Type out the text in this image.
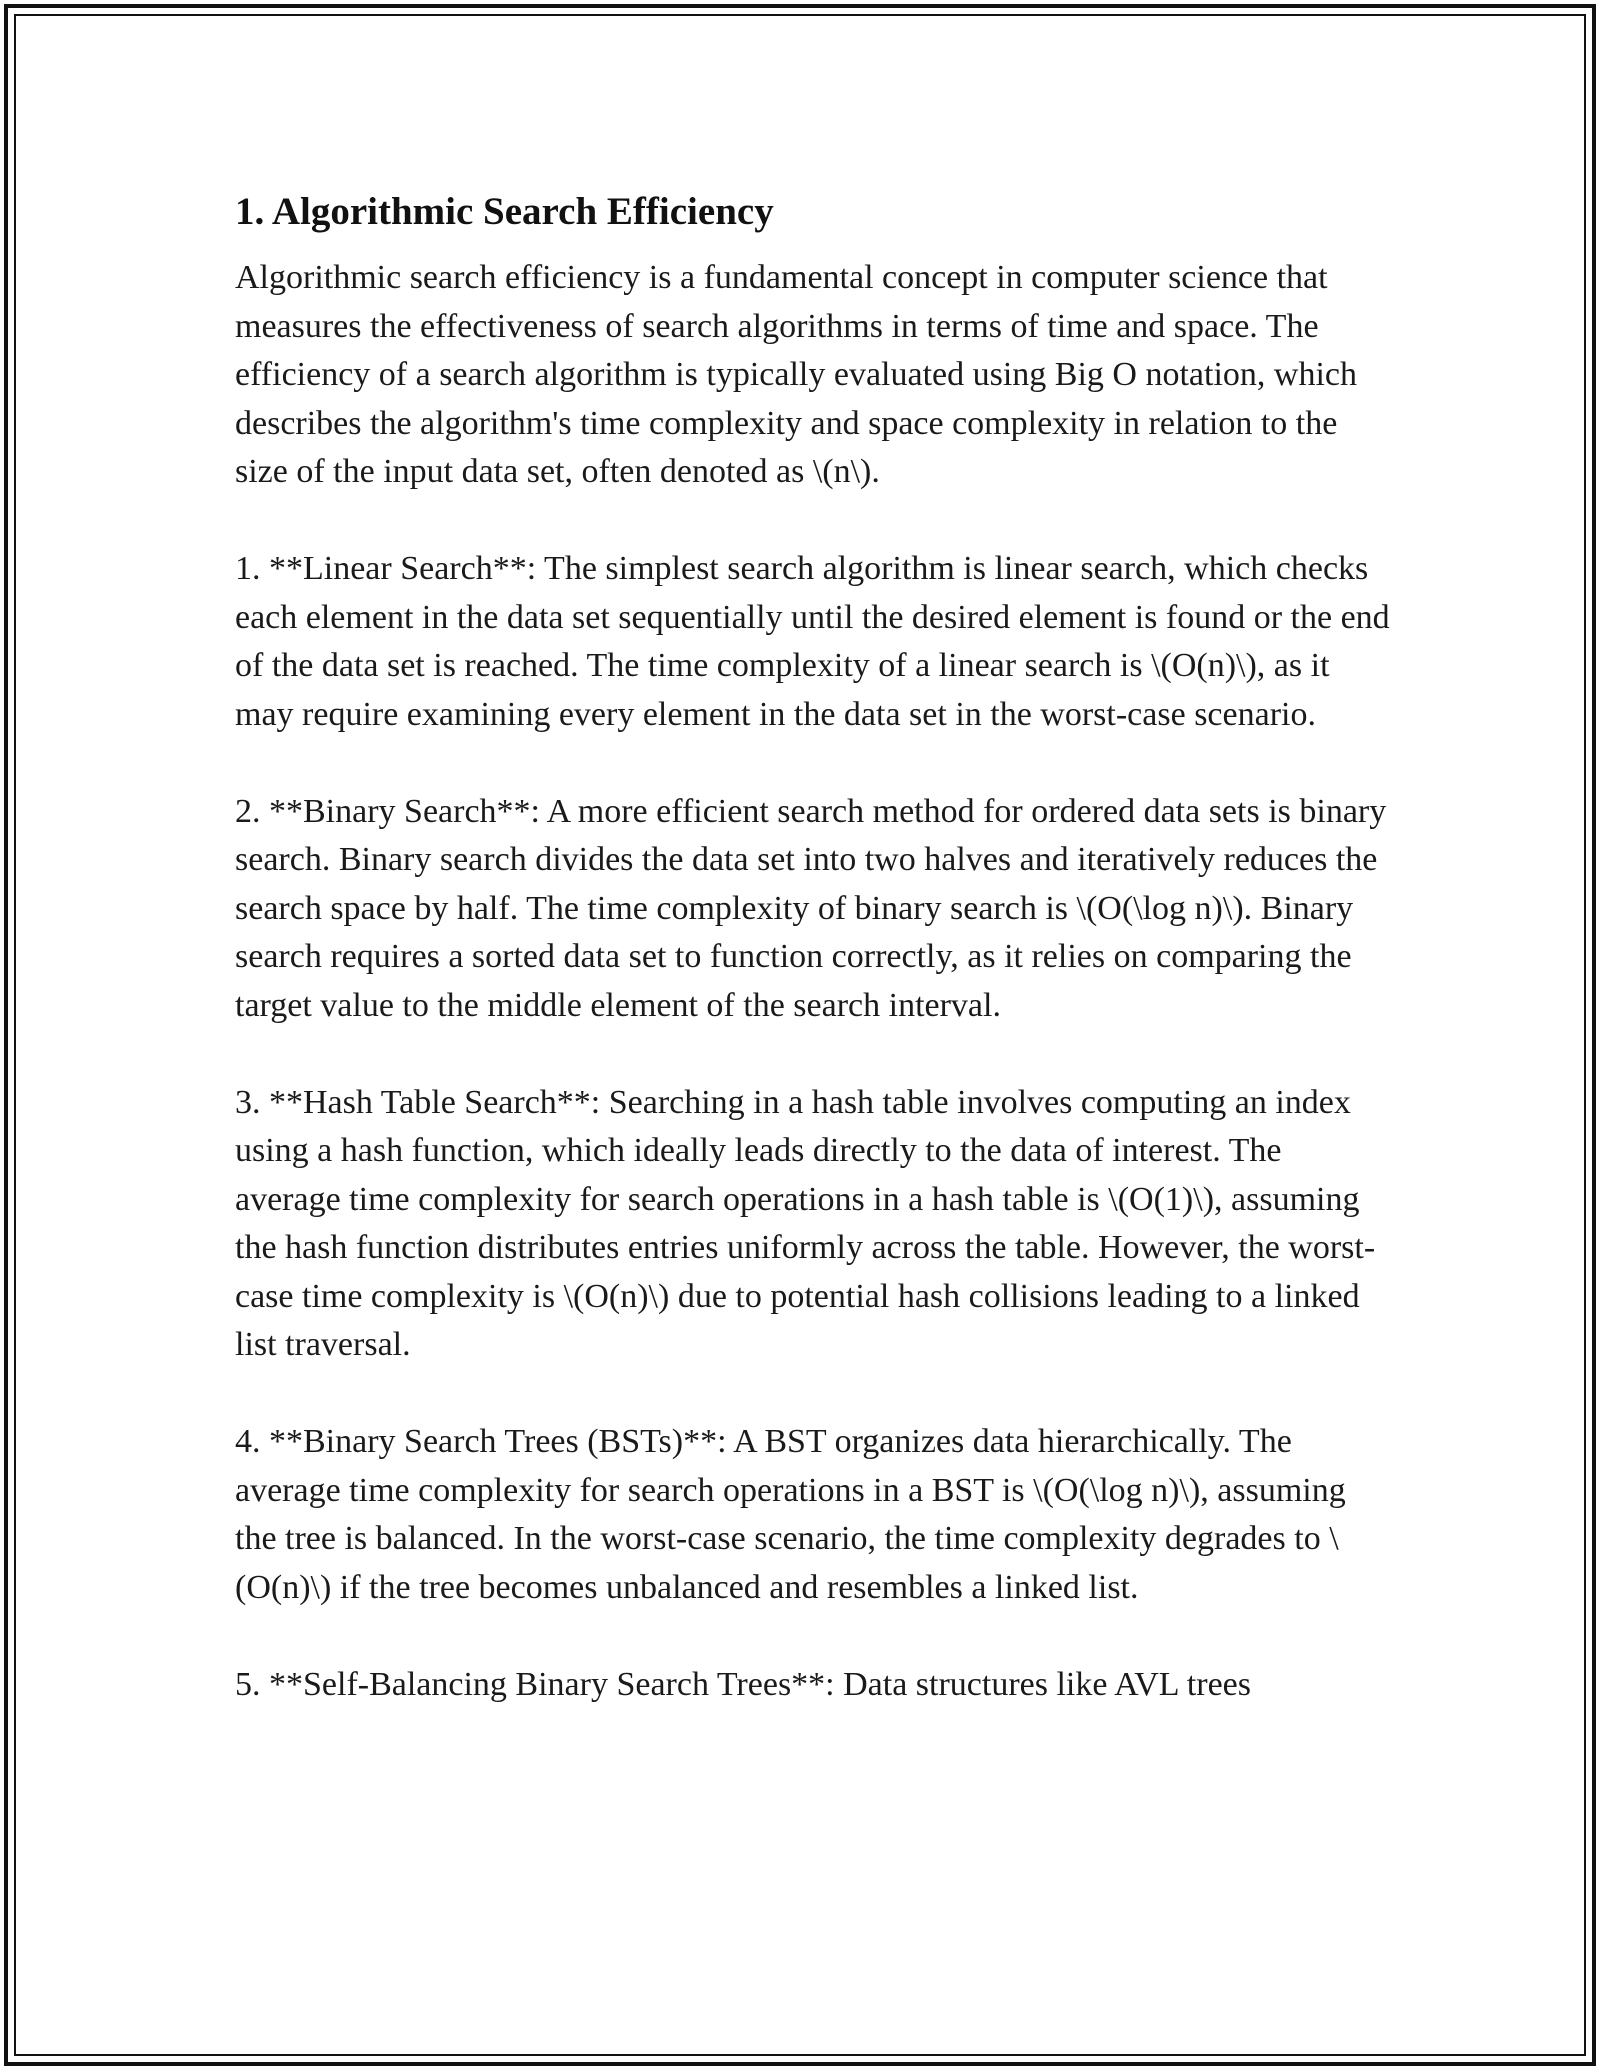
1. Algorithmic Search Efficiency

Algorithmic search efficiency is a fundamental concept in computer science that measures the effectiveness of search algorithms in terms of time and space. The efficiency of a search algorithm is typically evaluated using Big O notation, which describes the algorithm's time complexity and space complexity in relation to the size of the input data set, often denoted as \(n\).

1. **Linear Search**: The simplest search algorithm is linear search, which checks each element in the data set sequentially until the desired element is found or the end of the data set is reached. The time complexity of a linear search is \(O(n)\), as it may require examining every element in the data set in the worst-case scenario.

2. **Binary Search**: A more efficient search method for ordered data sets is binary search. Binary search divides the data set into two halves and iteratively reduces the search space by half. The time complexity of binary search is \(O(\log n)\). Binary search requires a sorted data set to function correctly, as it relies on comparing the target value to the middle element of the search interval.

3. **Hash Table Search**: Searching in a hash table involves computing an index using a hash function, which ideally leads directly to the data of interest. The average time complexity for search operations in a hash table is \(O(1)\), assuming the hash function distributes entries uniformly across the table. However, the worst-case time complexity is \(O(n)\) due to potential hash collisions leading to a linked list traversal.

4. **Binary Search Trees (BSTs)**: A BST organizes data hierarchically. The average time complexity for search operations in a BST is \(O(\log n)\), assuming the tree is balanced. In the worst-case scenario, the time complexity degrades to \(O(n)\) if the tree becomes unbalanced and resembles a linked list.

5. **Self-Balancing Binary Search Trees**: Data structures like AVL trees
